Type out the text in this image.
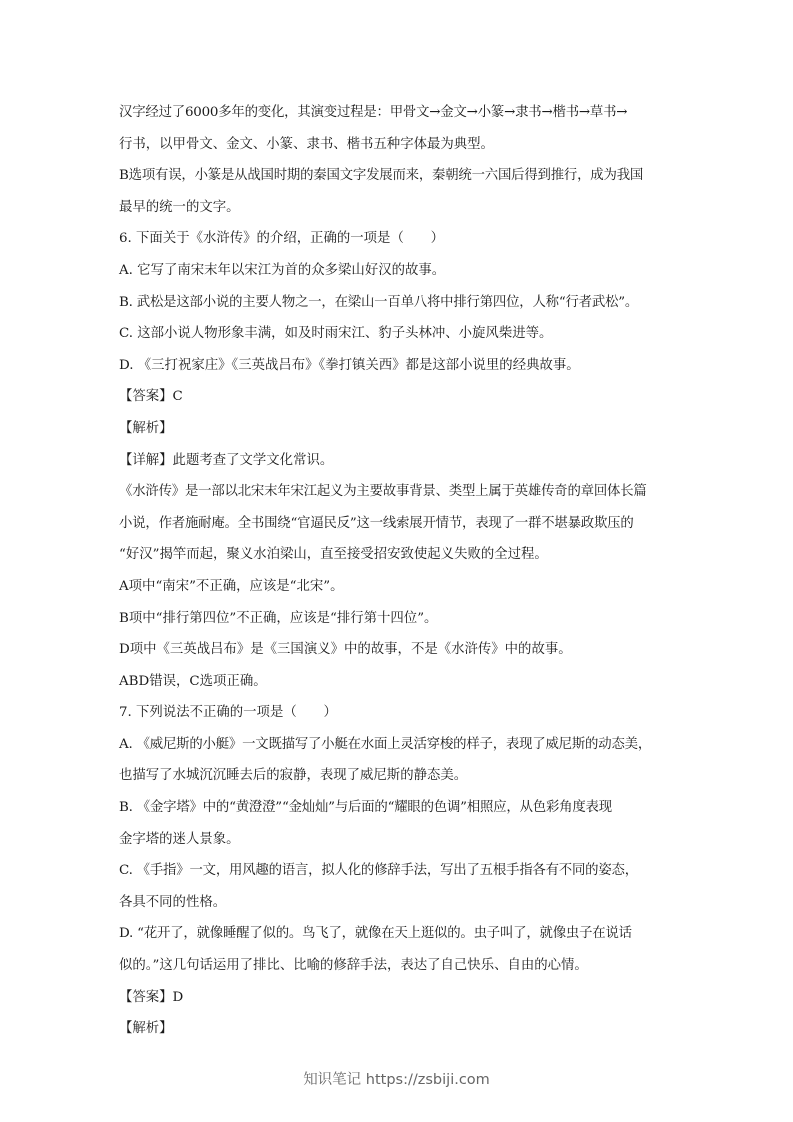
汉字经过了6000多年的变化，其演变过程是：甲骨文→金文→小篆→隶书→楷书→草书→
行书，以甲骨文、金文、小篆、隶书、楷书五种字体最为典型。
B选项有误，小篆是从战国时期的秦国文字发展而来，秦朝统一六国后得到推行，成为我国
最早的统一的文字。
6. 下面关于《水浒传》的介绍，正确的一项是（　　）
A. 它写了南宋末年以宋江为首的众多梁山好汉的故事。
B. 武松是这部小说的主要人物之一，在梁山一百单八将中排行第四位，人称“行者武松”。
C. 这部小说人物形象丰满，如及时雨宋江、豹子头林冲、小旋风柴进等。
D. 《三打祝家庄》《三英战吕布》《拳打镇关西》都是这部小说里的经典故事。
【答案】C
【解析】
【详解】此题考查了文学文化常识。
《水浒传》是一部以北宋末年宋江起义为主要故事背景、类型上属于英雄传奇的章回体长篇
小说，作者施耐庵。全书围绕“官逼民反”这一线索展开情节，表现了一群不堪暴政欺压的
“好汉”揭竿而起，聚义水泊梁山，直至接受招安致使起义失败的全过程。
A项中“南宋”不正确，应该是“北宋”。
B项中“排行第四位”不正确，应该是“排行第十四位”。
D项中《三英战吕布》是《三国演义》中的故事，不是《水浒传》中的故事。
ABD错误，C选项正确。
7. 下列说法不正确的一项是（　　）
A. 《威尼斯的小艇》一文既描写了小艇在水面上灵活穿梭的样子，表现了威尼斯的动态美，
也描写了水城沉沉睡去后的寂静，表现了威尼斯的静态美。
B. 《金字塔》中的“黄澄澄”“金灿灿”与后面的“耀眼的色调”相照应，从色彩角度表现
金字塔的迷人景象。
C. 《手指》一文，用风趣的语言，拟人化的修辞手法，写出了五根手指各有不同的姿态，
各具不同的性格。
D. “花开了，就像睡醒了似的。鸟飞了，就像在天上逛似的。虫子叫了，就像虫子在说话
似的。”这几句话运用了排比、比喻的修辞手法，表达了自己快乐、自由的心情。
【答案】D
【解析】
知识笔记 https://zsbiji.com
